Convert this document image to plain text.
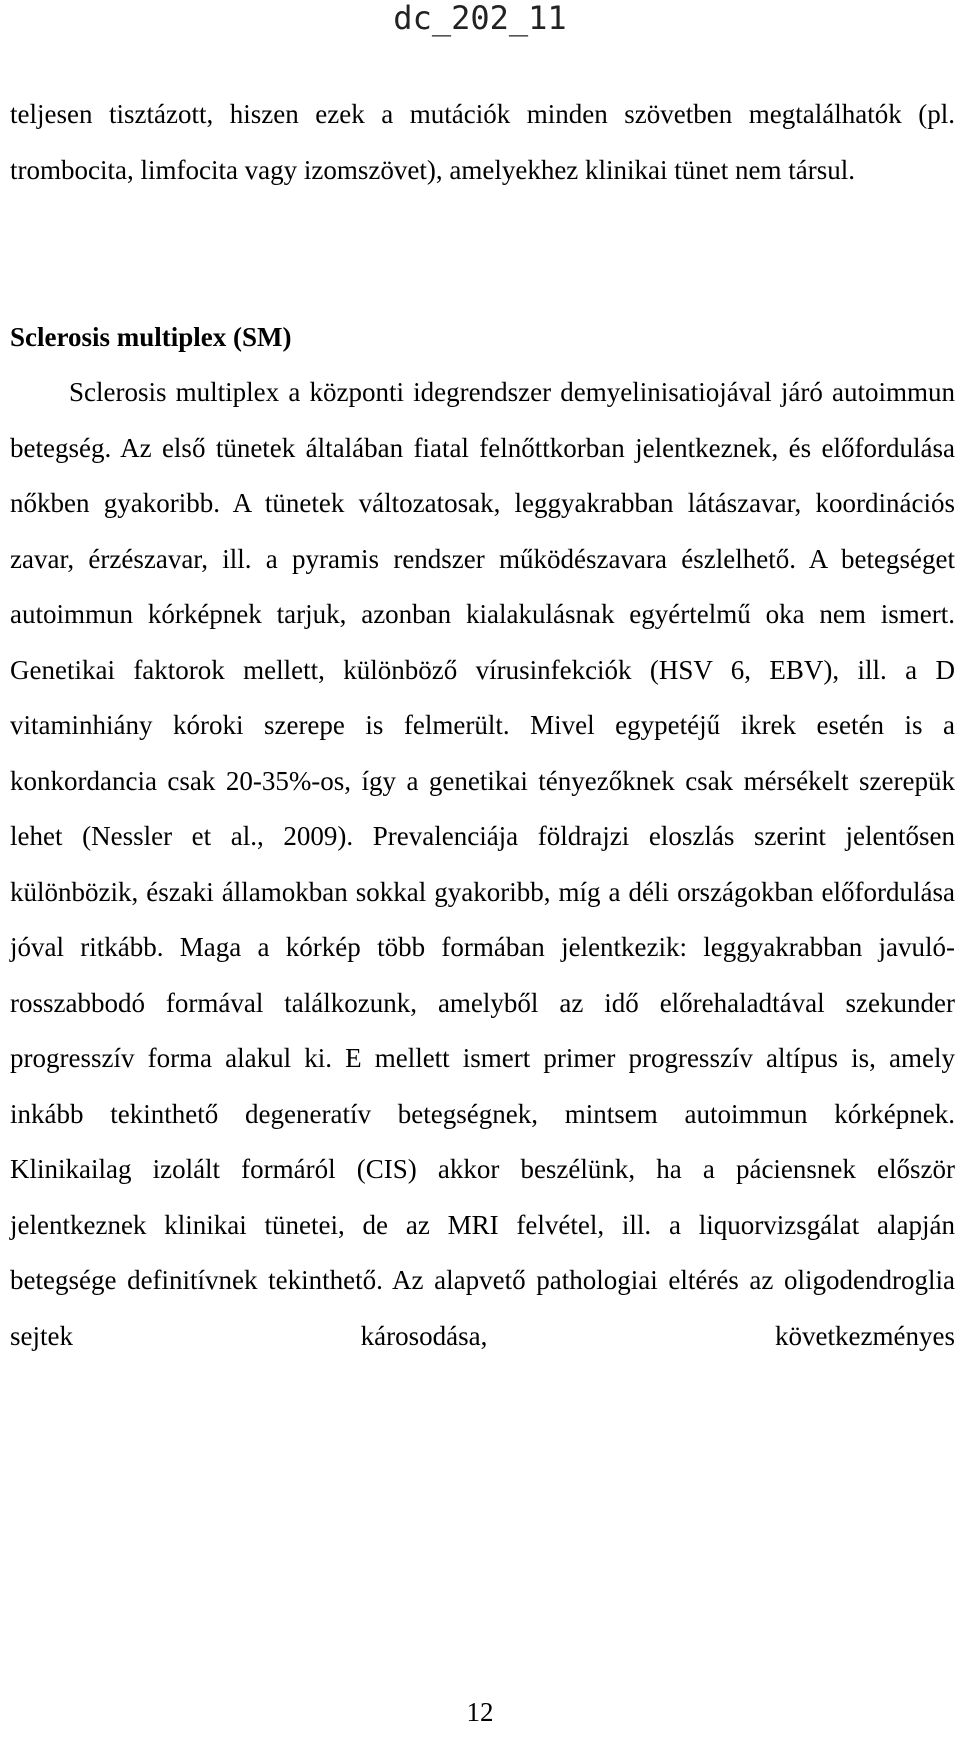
dc_202_11
teljesen tisztázott, hiszen ezek a mutációk minden szövetben megtalálhatók (pl. trombocita, limfocita vagy izomszövet), amelyekhez klinikai tünet nem társul.
Sclerosis multiplex (SM)
Sclerosis multiplex a központi idegrendszer demyelinisatiojával járó autoimmun betegség. Az első tünetek általában fiatal felnőttkorban jelentkeznek, és előfordulása nőkben gyakoribb. A tünetek változatosak, leggyakrabban látászavar, koordinációs zavar, érzészavar, ill. a pyramis rendszer működészavara észlelhető. A betegséget autoimmun kórképnek tarjuk, azonban kialakulásnak egyértelmű oka nem ismert. Genetikai faktorok mellett, különböző vírusinfekciók (HSV 6, EBV), ill. a D vitaminhiány kóroki szerepe is felmerült. Mivel egypetéjű ikrek esetén is a konkordancia csak 20-35%-os, így a genetikai tényezőknek csak mérsékelt szerepük lehet (Nessler et al., 2009). Prevalenciája földrajzi eloszlás szerint jelentősen különbözik, északi államokban sokkal gyakoribb, míg a déli országokban előfordulása jóval ritkább. Maga a kórkép több formában jelentkezik: leggyakrabban javuló-rosszabbodó formával találkozunk, amelyből az idő előrehaladtával szekunder progresszív forma alakul ki. E mellett ismert primer progresszív altípus is, amely inkább tekinthető degeneratív betegségnek, mintsem autoimmun kórképnek. Klinikailag izolált formáról (CIS) akkor beszélünk, ha a páciensnek először jelentkeznek klinikai tünetei, de az MRI felvétel, ill. a liquorvizsgálat alapján betegsége definitívnek tekinthető. Az alapvető pathologiai eltérés az oligodendroglia sejtek károsodása, következményes
12
